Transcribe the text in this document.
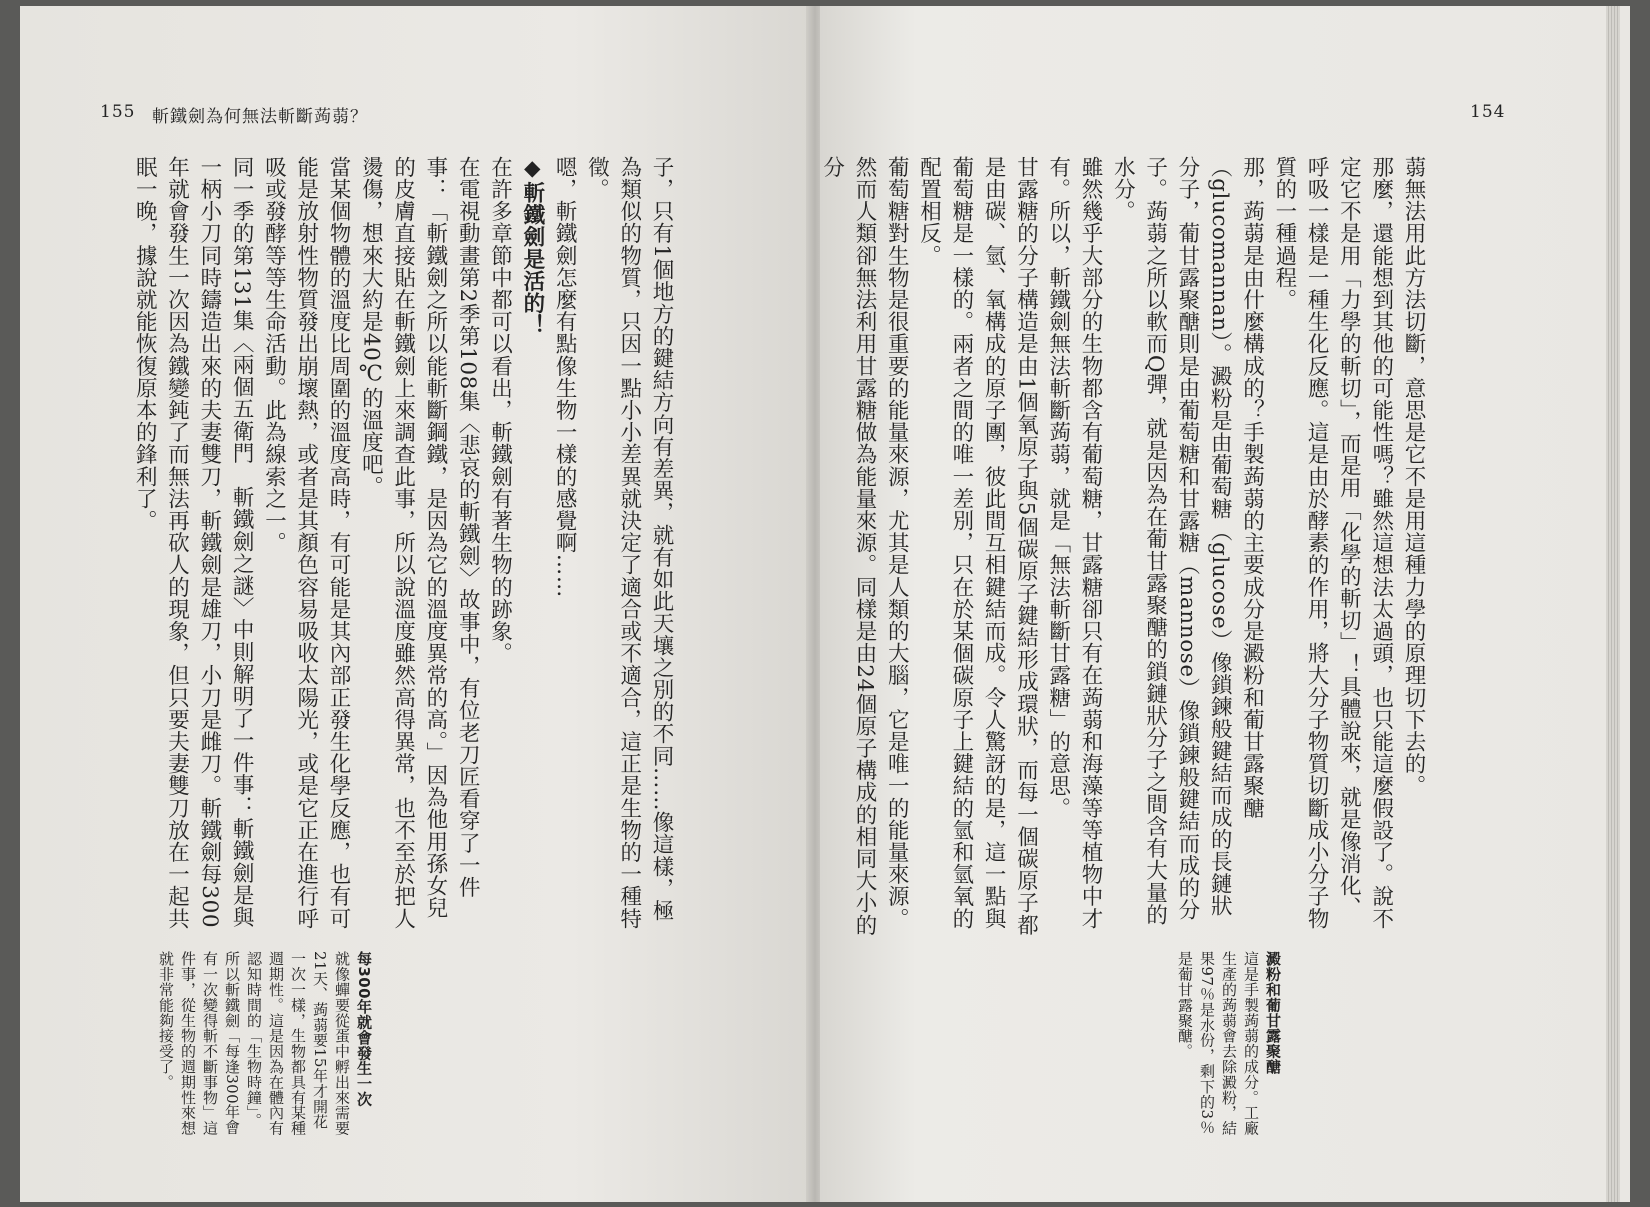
155 斬鐵劍為何無法斬斷蒟蒻？

子，只有1個地方的鍵結方向有差異，就有如此天壤之別的不同……像這樣，極為類似的物質，只因一點小小差異就決定了適合或不適合，這正是生物的一種特徵。

嗯，斬鐵劍怎麼有點像生物一樣的感覺啊……

◆斬鐵劍是活的！

在許多章節中都可以看出，斬鐵劍有著生物的跡象。

在電視動畫第2季第108集〈悲哀的斬鐵劍〉故事中，有位老刀匠看穿了一件事：「斬鐵劍之所以能斬斷鋼鐵，是因為它的溫度異常的高。」因為他用孫女兒的皮膚直接貼在斬鐵劍上來調查此事，所以說溫度雖然高得異常，也不至於把人燙傷，想來大約是40℃的溫度吧。

當某個物體的溫度比周圍的溫度高時，有可能是其內部正發生化學反應，也有可能是放射性物質發出崩壞熱，或者是其顏色容易吸收太陽光，或是它正在進行呼吸或發酵等等生命活動。此為線索之一。

同一季的第131集〈兩個五衛門　斬鐵劍之謎〉中則解明了一件事：斬鐵劍是與一柄小刀同時鑄造出來的夫妻雙刀，斬鐵劍是雄刀，小刀是雌刀。斬鐵劍每300年就會發生一次因為鐵變鈍了而無法再砍人的現象，但只要夫妻雙刀放在一起共眠一晚，據說就能恢復原本的鋒利了。

每300年就會發生一次
就像蟬要從蛋中孵出來需要21天、蒟蒻要15年才開花一次一樣，生物都具有某種週期性。這是因為在體內有認知時間的「生物時鐘」。所以斬鐵劍「每逢300年會有一次變得斬不斷事物」這件事，從生物的週期性來想就非常能夠接受了。
154

蒻無法用此方法切斷，意思是它不是用這種力學的原理切下去的。

那麼，還能想到其他的可能性嗎？雖然這想法太過頭，也只能這麼假設了。說不定它不是用「力學的斬切」，而是用「化學的斬切」！具體說來，就是像消化、呼吸一樣是一種生化反應。這是由於酵素的作用，將大分子物質切斷成小分子物質的一種過程。

那，蒟蒻是由什麼構成的？手製蒟蒻的主要成分是澱粉和葡甘露聚醣（glucomannan）。澱粉是由葡萄糖（glucose）像鎖鍊般鍵結而成的長鏈狀分子，葡甘露聚醣則是由葡萄糖和甘露糖（mannose）像鎖鍊般鍵結而成的分子。蒟蒻之所以軟而Q彈，就是因為在葡甘露聚醣的鎖鏈狀分子之間含有大量的水分。

雖然幾乎大部分的生物都含有葡萄糖，甘露糖卻只有在蒟蒻和海藻等等植物中才有。所以，斬鐵劍無法斬斷蒟蒻，就是「無法斬斷甘露糖」的意思。

甘露糖的分子構造是由1個氧原子與5個碳原子鍵結形成環狀，而每一個碳原子都是由碳、氫、氧構成的原子團，彼此間互相鍵結而成。令人驚訝的是，這一點與葡萄糖是一樣的。兩者之間的唯一差別，只在於某個碳原子上鍵結的氫和氫氧的配置相反。

葡萄糖對生物是很重要的能量來源，尤其是人類的大腦，它是唯一的能量來源。然而人類卻無法利用甘露糖做為能量來源。同樣是由24個原子構成的相同大小的分

澱粉和葡甘露聚醣
這是手製蒟蒻的成分。工廠生產的蒟蒻會去除澱粉，結果97％是水份，剩下的3％是葡甘露聚醣。
